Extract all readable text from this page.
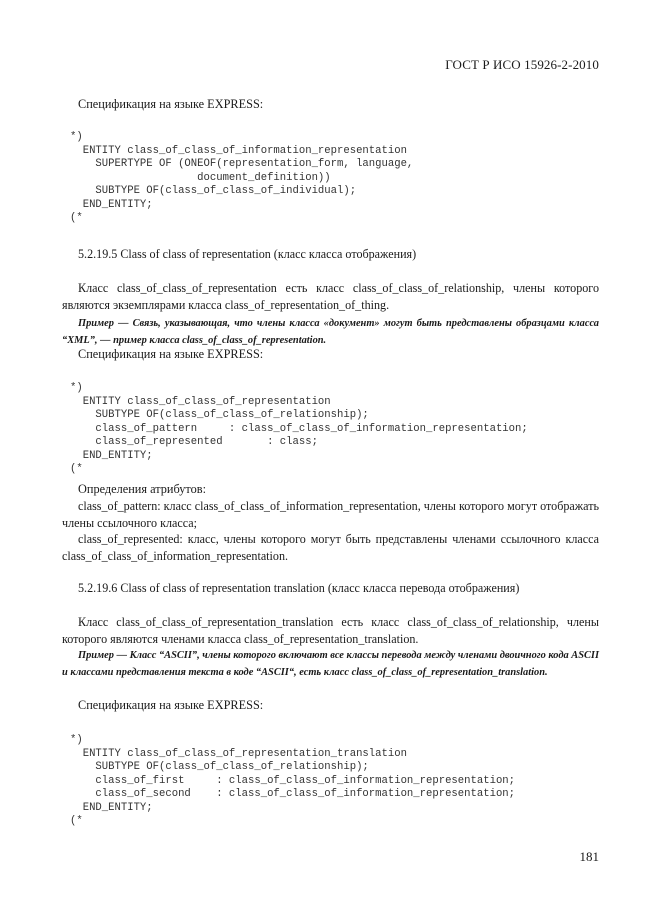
ГОСТ Р ИСО 15926-2-2010
Спецификация на языке EXPRESS:
*)
ENTITY class_of_class_of_information_representation
SUPERTYPE OF (ONEOF(representation_form, language,
document_definition))
SUBTYPE OF(class_of_class_of_individual);
END_ENTITY;
(*
5.2.19.5 Class of class of representation (класс класса отображения)
Класс class_of_class_of_representation есть класс class_of_class_of_relationship, члены которого являются экземплярами класса class_of_representation_of_thing.
Пример — Связь, указывающая, что члены класса «документ» могут быть представлены образцами класса “XML”, — пример класса class_of_class_of_representation.
Спецификация на языке EXPRESS:
*)
ENTITY class_of_class_of_representation
SUBTYPE OF(class_of_class_of_relationship);
class_of_pattern     : class_of_class_of_information_representation;
class_of_represented       : class;
END_ENTITY;
(*
Определения атрибутов:
class_of_pattern: класс class_of_class_of_information_representation, члены которого могут отображать члены ссылочного класса;
class_of_represented: класс, члены которого могут быть представлены членами ссылочного класса class_of_class_of_information_representation.
5.2.19.6 Class of class of representation translation (класс класса перевода отображения)
Класс class_of_class_of_representation_translation есть класс class_of_class_of_relationship, члены которого являются членами класса class_of_representation_translation.
Пример — Класс “ASCII”, члены которого включают все классы перевода между членами двоичного кода ASCII и классами представления текста в коде “ASCII“, есть класс class_of_class_of_representation_translation.
Спецификация на языке EXPRESS:
*)
ENTITY class_of_class_of_representation_translation
SUBTYPE OF(class_of_class_of_relationship);
class_of_first     : class_of_class_of_information_representation;
class_of_second    : class_of_class_of_information_representation;
END_ENTITY;
(*
181
